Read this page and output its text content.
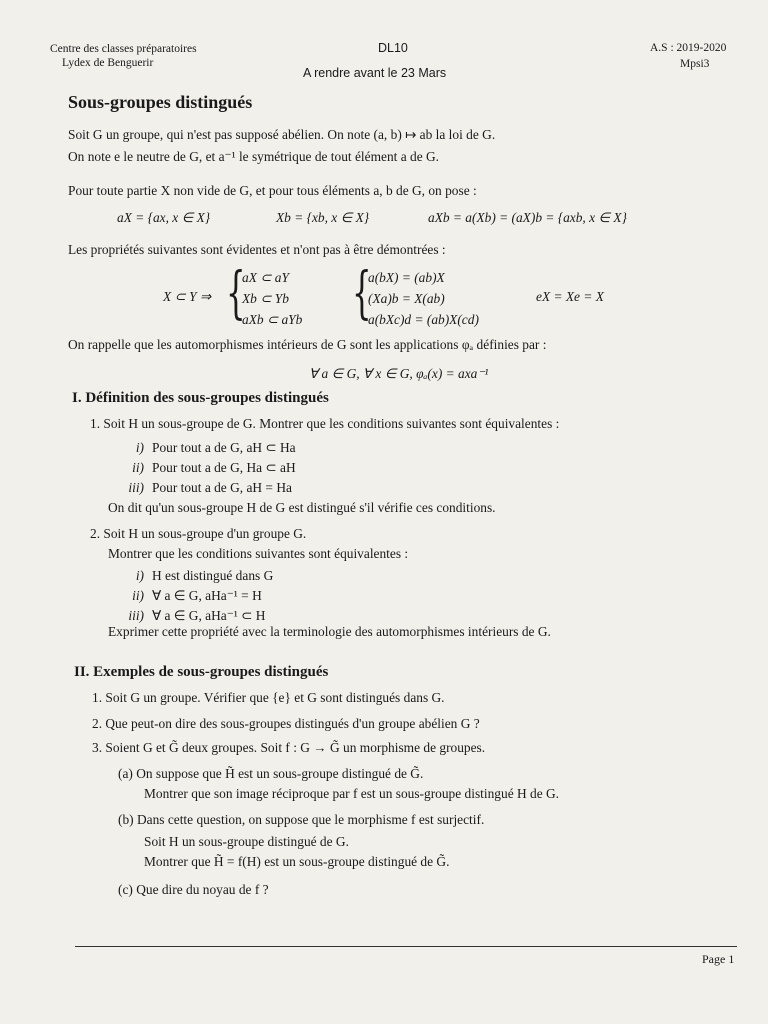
Centre des classes préparatoires
Lydex de Benguerir
DL10
A rendre avant le 23 Mars
A.S : 2019-2020
Mpsi3
Sous-groupes distingués
Soit G un groupe, qui n'est pas supposé abélien. On note (a, b) ↦ ab la loi de G.
On note e le neutre de G, et a⁻¹ le symétrique de tout élément a de G.
Pour toute partie X non vide de G, et pour tous éléments a, b de G, on pose :
aX = {ax, x ∈ X}	Xb = {xb, x ∈ X}	aXb = a(Xb) = (aX)b = {axb, x ∈ X}
Les propriétés suivantes sont évidentes et n'ont pas à être démontrées :
X ⊂ Y ⇒ {
aX ⊂ aY
Xb ⊂ Yb
aXb ⊂ aYb {
a(bX) = (ab)X
(Xa)b = X(ab)
a(bXc)d = (ab)X(cd)
eX = Xe = X
On rappelle que les automorphismes intérieurs de G sont les applications φₐ définies par :
∀ a ∈ G, ∀ x ∈ G, φₐ(x) = axa⁻¹
I. Définition des sous-groupes distingués
1. Soit H un sous-groupe de G. Montrer que les conditions suivantes sont équivalentes :
i) Pour tout a de G, aH ⊂ Ha
ii) Pour tout a de G, Ha ⊂ aH
iii) Pour tout a de G, aH = Ha
On dit qu'un sous-groupe H de G est distingué s'il vérifie ces conditions.
2. Soit H un sous-groupe d'un groupe G.
Montrer que les conditions suivantes sont équivalentes :
i) H est distingué dans G
ii) ∀ a ∈ G, aHa⁻¹ = H
iii) ∀ a ∈ G, aHa⁻¹ ⊂ H
Exprimer cette propriété avec la terminologie des automorphismes intérieurs de G.
II. Exemples de sous-groupes distingués
1. Soit G un groupe. Vérifier que {e} et G sont distingués dans G.
2. Que peut-on dire des sous-groupes distingués d'un groupe abélien G ?
3. Soient G et G̃ deux groupes. Soit f : G → G̃ un morphisme de groupes.
(a) On suppose que H̃ est un sous-groupe distingué de G̃.
Montrer que son image réciproque par f est un sous-groupe distingué H de G.
(b) Dans cette question, on suppose que le morphisme f est surjectif.
Soit H un sous-groupe distingué de G.
Montrer que H̃ = f(H) est un sous-groupe distingué de G̃.
(c) Que dire du noyau de f ?
Page 1
